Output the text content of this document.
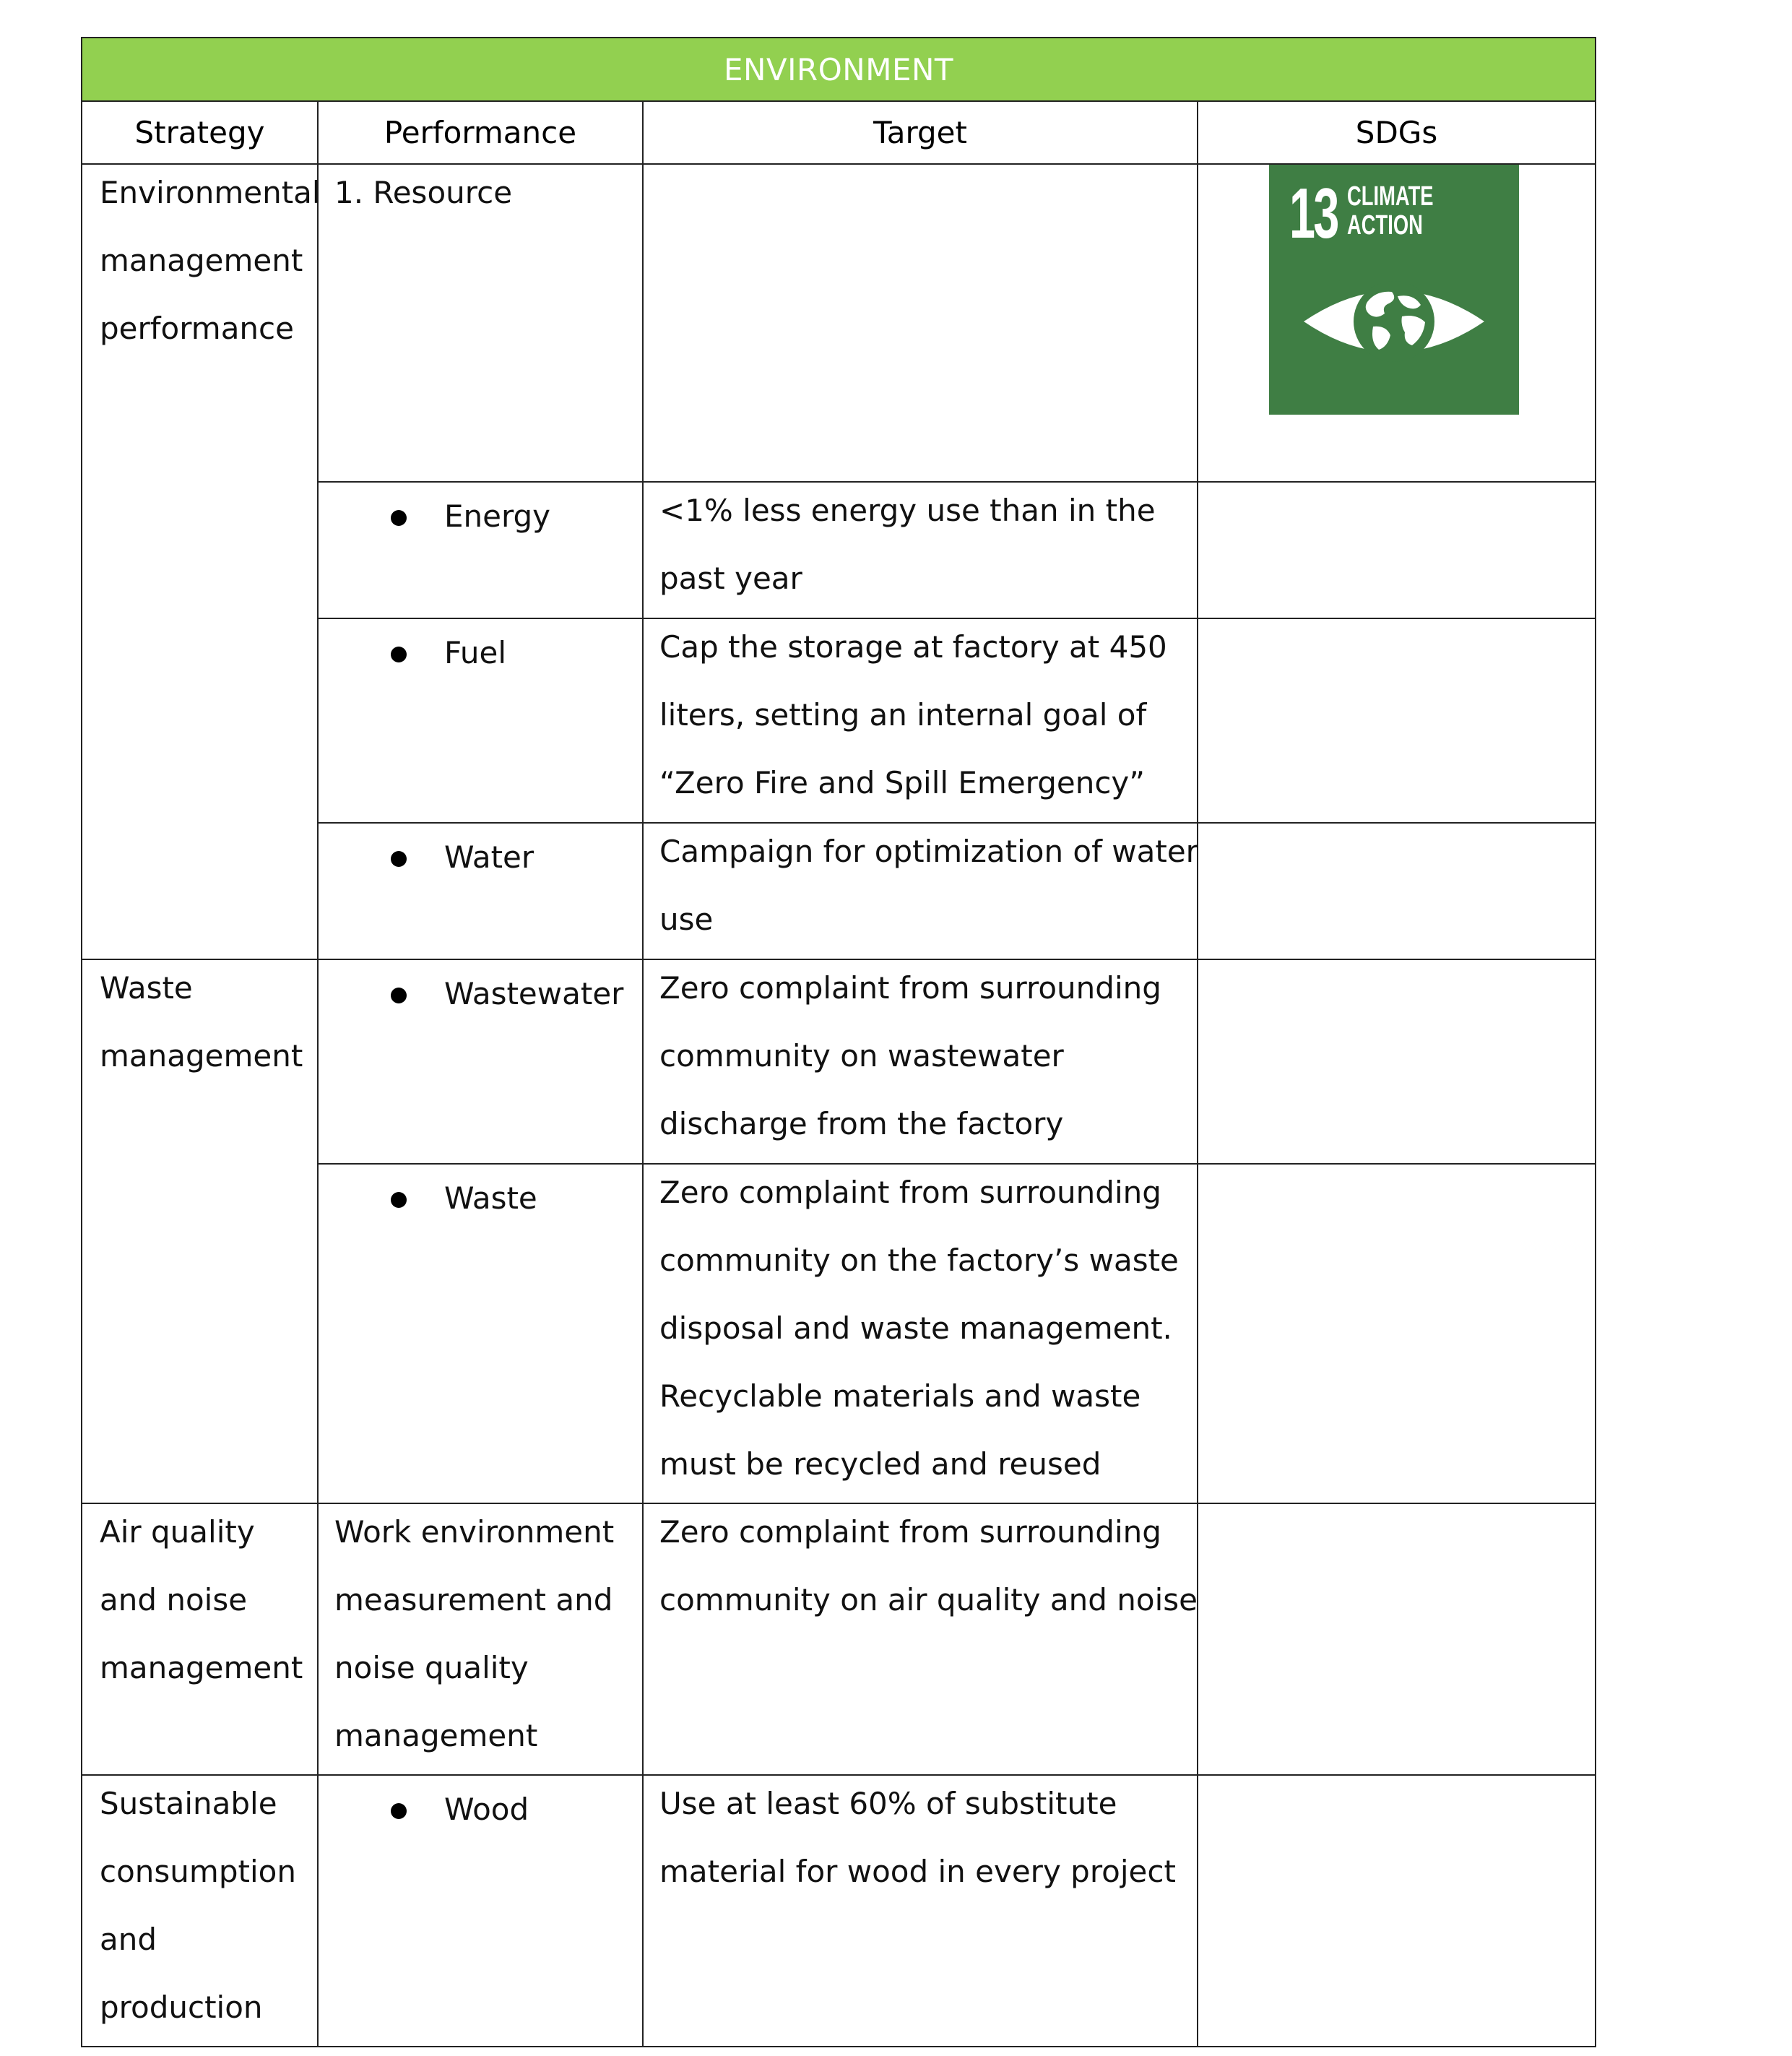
ENVIRONMENT			
Strategy	Performance	Target	SDGs

Environmental
management
performance	1. Resource		13 CLIMATE
ACTION

	Energy	<1% less energy use than in the
past year	

	Fuel	Cap the storage at factory at 450
liters, setting an internal goal of
“Zero Fire and Spill Emergency”	

	Water	Campaign for optimization of water
use	

Waste
management	Wastewater	Zero complaint from surrounding
community on wastewater
discharge from the factory	

	Waste	Zero complaint from surrounding
community on the factory’s waste
disposal and waste management.
Recyclable materials and waste
must be recycled and reused	

Air quality
and noise
management	Work environment
measurement and
noise quality
management	Zero complaint from surrounding
community on air quality and noise	

Sustainable
consumption
and
production	Wood	Use at least 60% of substitute
material for wood in every project	
